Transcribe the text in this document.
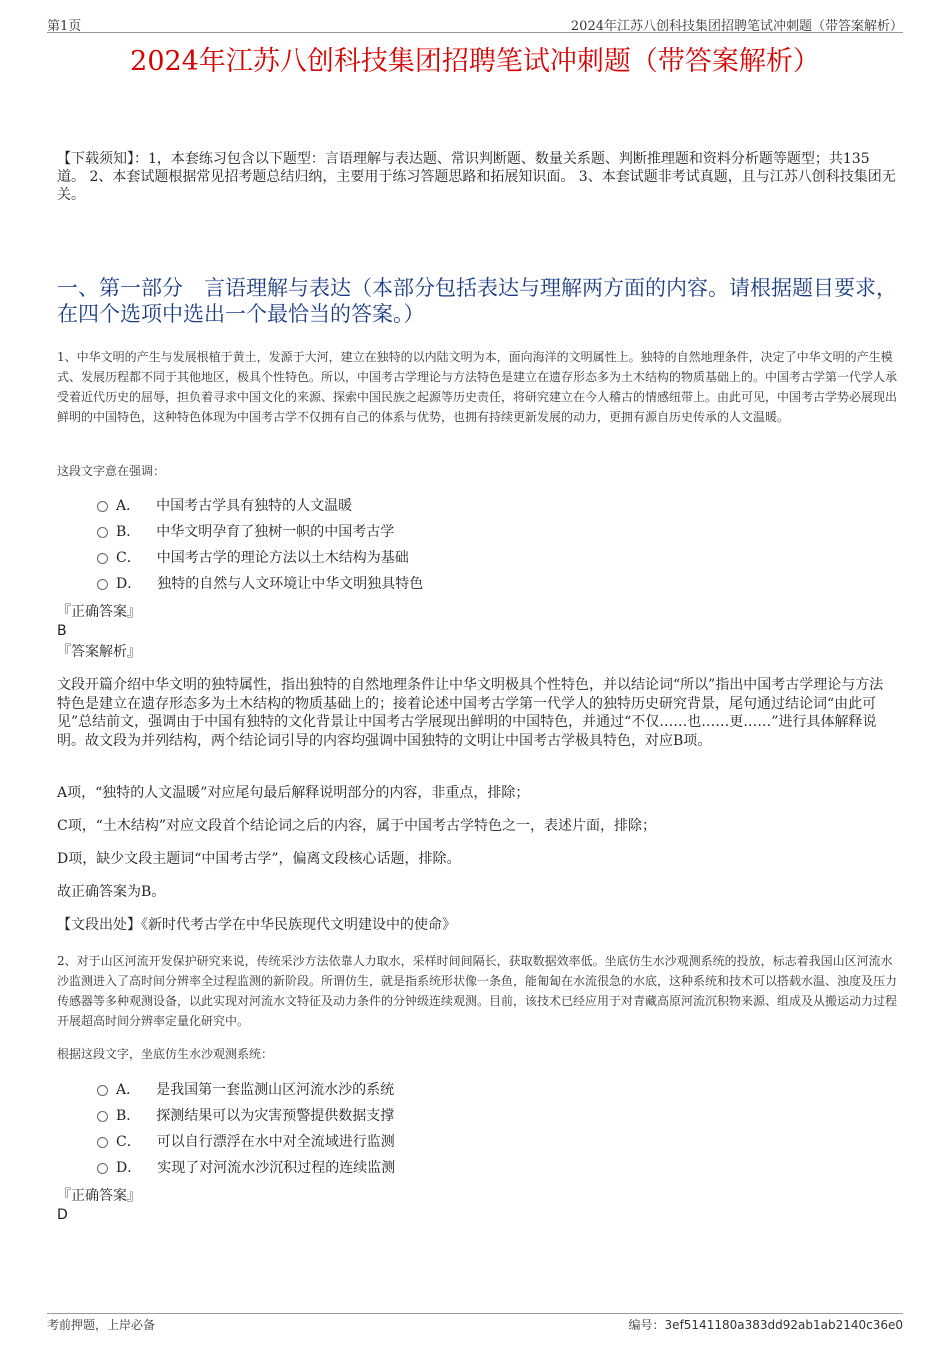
第1页	2024年江苏八创科技集团招聘笔试冲刺题（带答案解析）
2024年江苏八创科技集团招聘笔试冲刺题（带答案解析）
【下载须知】：1，本套练习包含以下题型：言语理解与表达题、常识判断题、数量关系题、判断推理题和资料分析题等题型；共135道。 2、本套试题根据常见招考题总结归纳，主要用于练习答题思路和拓展知识面。 3、本套试题非考试真题，且与江苏八创科技集团无关。
一、第一部分　言语理解与表达（本部分包括表达与理解两方面的内容。请根据题目要求，在四个选项中选出一个最恰当的答案。）
1、中华文明的产生与发展根植于黄土，发源于大河，建立在独特的以内陆文明为本，面向海洋的文明属性上。独特的自然地理条件，决定了中华文明的产生模式、发展历程都不同于其他地区，极具个性特色。所以，中国考古学理论与方法特色是建立在遗存形态多为土木结构的物质基础上的。中国考古学第一代学人承受着近代历史的屈辱，担负着寻求中国文化的来源、探索中国民族之起源等历史责任，将研究建立在今人稽古的情感纽带上。由此可见，中国考古学势必展现出鲜明的中国特色，这种特色体现为中国考古学不仅拥有自己的体系与优势，也拥有持续更新发展的动力，更拥有源自历史传承的人文温暖。
这段文字意在强调：
A． 中国考古学具有独特的人文温暖
B． 中华文明孕育了独树一帜的中国考古学
C． 中国考古学的理论方法以土木结构为基础
D． 独特的自然与人文环境让中华文明独具特色
『正确答案』
B
『答案解析』
文段开篇介绍中华文明的独特属性，指出独特的自然地理条件让中华文明极具个性特色，并以结论词“所以”指出中国考古学理论与方法特色是建立在遗存形态多为土木结构的物质基础上的；接着论述中国考古学第一代学人的独特历史研究背景，尾句通过结论词“由此可见”总结前文，强调由于中国有独特的文化背景让中国考古学展现出鲜明的中国特色，并通过“不仅……也……更……”进行具体解释说明。故文段为并列结构，两个结论词引导的内容均强调中国独特的文明让中国考古学极具特色，对应B项。
A项，“独特的人文温暖”对应尾句最后解释说明部分的内容，非重点，排除；
C项，“土木结构”对应文段首个结论词之后的内容，属于中国考古学特色之一，表述片面，排除；
D项，缺少文段主题词“中国考古学”，偏离文段核心话题，排除。
故正确答案为B。
【文段出处】《新时代考古学在中华民族现代文明建设中的使命》
2、对于山区河流开发保护研究来说，传统采沙方法依靠人力取水，采样时间间隔长，获取数据效率低。坐底仿生水沙观测系统的投放，标志着我国山区河流水沙监测进入了高时间分辨率全过程监测的新阶段。所谓仿生，就是指系统形状像一条鱼，能匍匐在水流很急的水底，这种系统和技术可以搭载水温、浊度及压力传感器等多种观测设备，以此实现对河流水文特征及动力条件的分钟级连续观测。目前，该技术已经应用于对青藏高原河流沉积物来源、组成及从搬运动力过程开展超高时间分辨率定量化研究中。
根据这段文字，坐底仿生水沙观测系统：
A． 是我国第一套监测山区河流水沙的系统
B． 探测结果可以为灾害预警提供数据支撑
C． 可以自行漂浮在水中对全流域进行监测
D． 实现了对河流水沙沉积过程的连续监测
『正确答案』
D
考前押题，上岸必备	编号：3ef5141180a383dd92ab1ab2140c36e0
